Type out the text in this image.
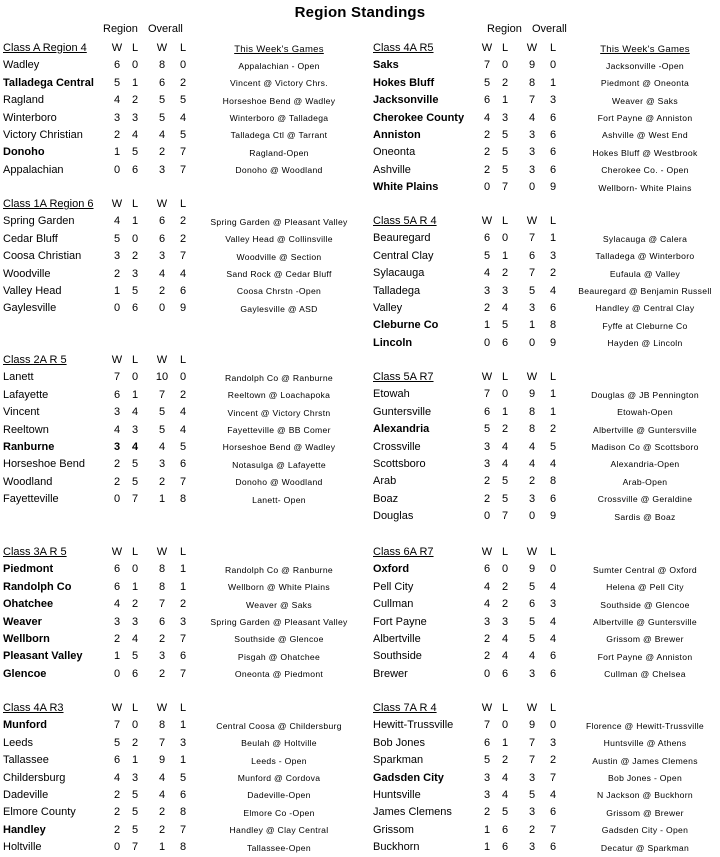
Region Standings
Region Overall	Region Overall
Class A Region 4 W L	W	L	This Week's Games
Wadley	6	0	8	0	Appalachian - Open
Talladega Central	5	1	6	2	Vincent @ Victory Chrs.
Ragland	4	2	5	5	Horseshoe Bend @ Wadley
Winterboro	3	3	5	4	Winterboro @ Talladega
Victory Christian	2	4	4	5	Talladega Ctl @ Tarrant
Donoho	1	5	2	7	Ragland-Open
Appalachian	0	6	3	7	Donoho @ Woodland
Class 1A Region 6 W L	W	L
Spring Garden	4	1	6	2	Spring Garden @ Pleasant Valley
Cedar Bluff	5	0	6	2	Valley Head @ Collinsville
Coosa Christian	3	2	3	7	Woodville @ Section
Woodville	2	3	4	4	Sand Rock @ Cedar Bluff
Valley Head	1	5	2	6	Coosa Chrstn -Open
Gaylesville	0	6	0	9	Gaylesville @ ASD
Class 2A R 5	W L	W	L
Lanett	7	0	10	0	Randolph Co @ Ranburne
Lafayette	6	1	7	2	Reeltown @ Loachapoka
Vincent	3	4	5	4	Vincent @ Victory Chrstn
Reeltown	4	3	5	4	Fayetteville @ BB Comer
Ranburne	3	4	4	5	Horseshoe Bend @ Wadley
Horseshoe Bend	2	5	3	6	Notasulga @ Lafayette
Woodland	2	5	2	7	Donoho @ Woodland
Fayetteville	0	7	1	8	Lanett- Open
Class 3A R 5	W L	W	L
Piedmont	6	0	8	1	Randolph Co @ Ranburne
Randolph Co	6	1	8	1	Wellborn @ White Plains
Ohatchee	4	2	7	2	Weaver @ Saks
Weaver	3	3	6	3	Spring Garden @ Pleasant Valley
Wellborn	2	4	2	7	Southside @ Glencoe
Pleasant Valley	1	5	3	6	Pisgah @ Ohatchee
Glencoe	0	6	2	7	Oneonta @ Piedmont
Class 4A R3	W L	W	L
Munford	7	0	8	1	Central Coosa @ Childersburg
Leeds	5	2	7	3	Beulah @ Holtville
Tallassee	6	1	9	1	Leeds - Open
Childersburg	4	3	4	5	Munford @ Cordova
Dadeville	2	5	4	6	Dadeville-Open
Elmore County	2	5	2	8	Elmore Co -Open
Handley	2	5	2	7	Handley @ Clay Central
Holtville	0	7	1	8	Tallassee-Open
Class 4A R5	W L	W	L	This Week's Games
Saks	7	0	9	0	Jacksonville -Open
Hokes Bluff	5	2	8	1	Piedmont @ Oneonta
Jacksonville	6	1	7	3	Weaver @ Saks
Cherokee County	4	3	4	6	Fort Payne @ Anniston
Anniston	2	5	3	6	Ashville @ West End
Oneonta	2	5	3	6	Hokes Bluff @ Westbrook
Ashville	2	5	3	6	Cherokee Co. - Open
White Plains	0	7	0	9	Wellborn- White Plains
Class 5A R 4	W L	W	L
Beauregard	6	0	7	1	Sylacauga @ Calera
Central Clay	5	1	6	3	Talladega @ Winterboro
Sylacauga	4	2	7	2	Eufaula @ Valley
Talladega	3	3	5	4	Beauregard @ Benjamin Russell
Valley	2	4	3	6	Handley @ Central Clay
Cleburne Co	1	5	1	8	Fyffe at Cleburne Co
Lincoln	0	6	0	9	Hayden @ Lincoln
Class 5A R7	W L	W	L
Etowah	7	0	9	1	Douglas @ JB Pennington
Guntersville	6	1	8	1	Etowah-Open
Alexandria	5	2	8	2	Albertville @ Guntersville
Crossville	3	4	4	5	Madison Co @ Scottsboro
Scottsboro	3	4	4	4	Alexandria-Open
Arab	2	5	2	8	Arab-Open
Boaz	2	5	3	6	Crossville @ Geraldine
Douglas	0	7	0	9	Sardis @ Boaz
Class 6A R7	W L	W	L
Oxford	6	0	9	0	Sumter Central @ Oxford
Pell City	4	2	5	4	Helena @ Pell City
Cullman	4	2	6	3	Southside @ Glencoe
Fort Payne	3	3	5	4	Albertville @ Guntersville
Albertville	2	4	5	4	Grissom @ Brewer
Southside	2	4	4	6	Fort Payne @ Anniston
Brewer	0	6	3	6	Cullman @ Chelsea
Class 7A R 4	W L	W	L
Hewitt-Trussville	7	0	9	0	Florence @ Hewitt-Trussville
Bob Jones	6	1	7	3	Huntsville @ Athens
Sparkman	5	2	7	2	Austin @ James Clemens
Gadsden City	3	4	3	7	Bob Jones - Open
Huntsville	3	4	5	4	N Jackson @ Buckhorn
James Clemens	2	5	3	6	Grissom @ Brewer
Grissom	1	6	2	7	Gadsden City - Open
Buckhorn	1	6	3	6	Decatur @ Sparkman
